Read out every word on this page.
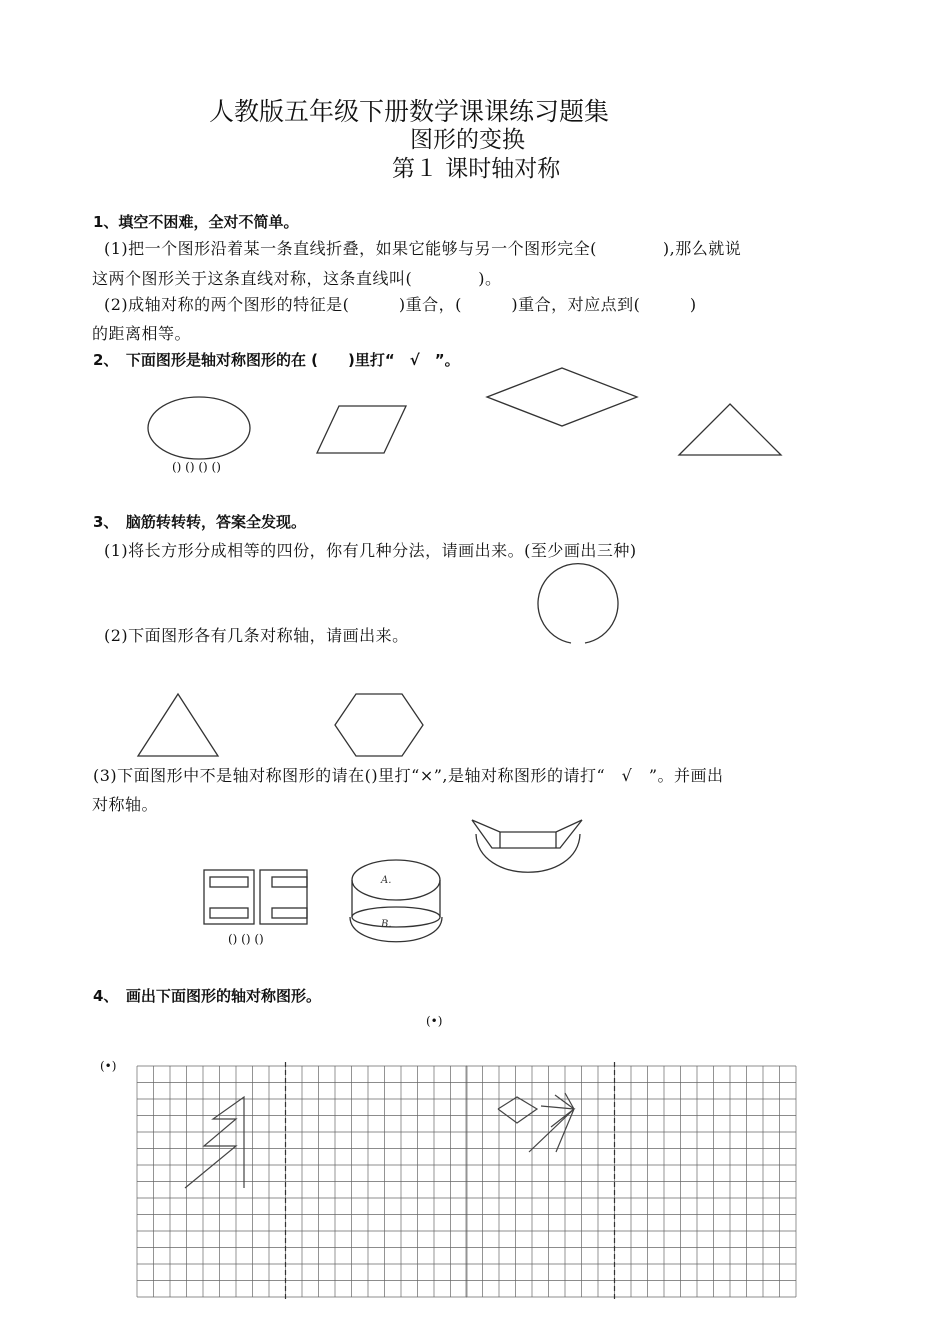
人教版五年级下册数学课课练习题集
图形的变换
第１ 课时轴对称
1、填空不困难，全对不简单。
(1)把一个图形沿着某一条直线折叠，如果它能够与另一个图形完全(　　　　),那么就说
这两个图形关于这条直线对称，这条直线叫(　　　　)。
(2)成轴对称的两个图形的特征是(　　　)重合，(　　　)重合，对应点到(　　　)
的距离相等。
2、　下面图形是轴对称图形的在 (　　)里打“　√　”。
() () () ()
3、　脑筋转转转，答案全发现。
(1)将长方形分成相等的四份，你有几种分法，请画出来。(至少画出三种)
(2)下面图形各有几条对称轴，请画出来。
(3)下面图形中不是轴对称图形的请在()里打“×”,是轴对称图形的请打“　√　”。并画出
对称轴。
A.
B.
() () ()
4、　画出下面图形的轴对称图形。
(•)
(•)
